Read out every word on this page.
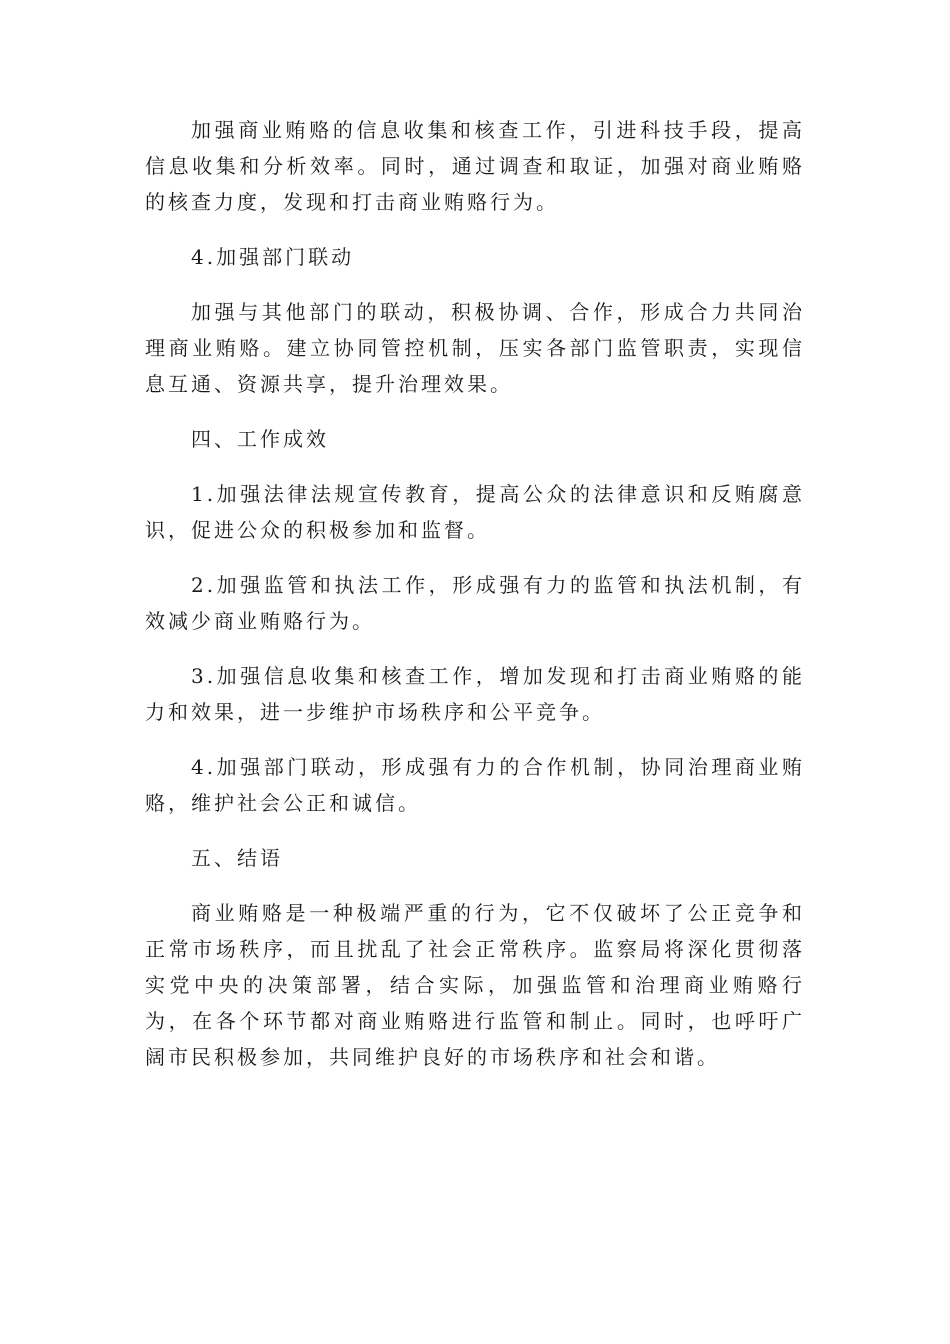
加强商业贿赂的信息收集和核查工作，引进科技手段，提高信息收集和分析效率。同时，通过调查和取证，加强对商业贿赂的核查力度，发现和打击商业贿赂行为。

4.加强部门联动

加强与其他部门的联动，积极协调、合作，形成合力共同治理商业贿赂。建立协同管控机制，压实各部门监管职责，实现信息互通、资源共享，提升治理效果。

四、工作成效

1.加强法律法规宣传教育，提高公众的法律意识和反贿腐意识，促进公众的积极参加和监督。

2.加强监管和执法工作，形成强有力的监管和执法机制，有效减少商业贿赂行为。

3.加强信息收集和核查工作，增加发现和打击商业贿赂的能力和效果，进一步维护市场秩序和公平竞争。

4.加强部门联动，形成强有力的合作机制，协同治理商业贿赂，维护社会公正和诚信。

五、结语

商业贿赂是一种极端严重的行为，它不仅破坏了公正竞争和正常市场秩序，而且扰乱了社会正常秩序。监察局将深化贯彻落实党中央的决策部署，结合实际，加强监管和治理商业贿赂行为，在各个环节都对商业贿赂进行监管和制止。同时，也呼吁广阔市民积极参加，共同维护良好的市场秩序和社会和谐。
